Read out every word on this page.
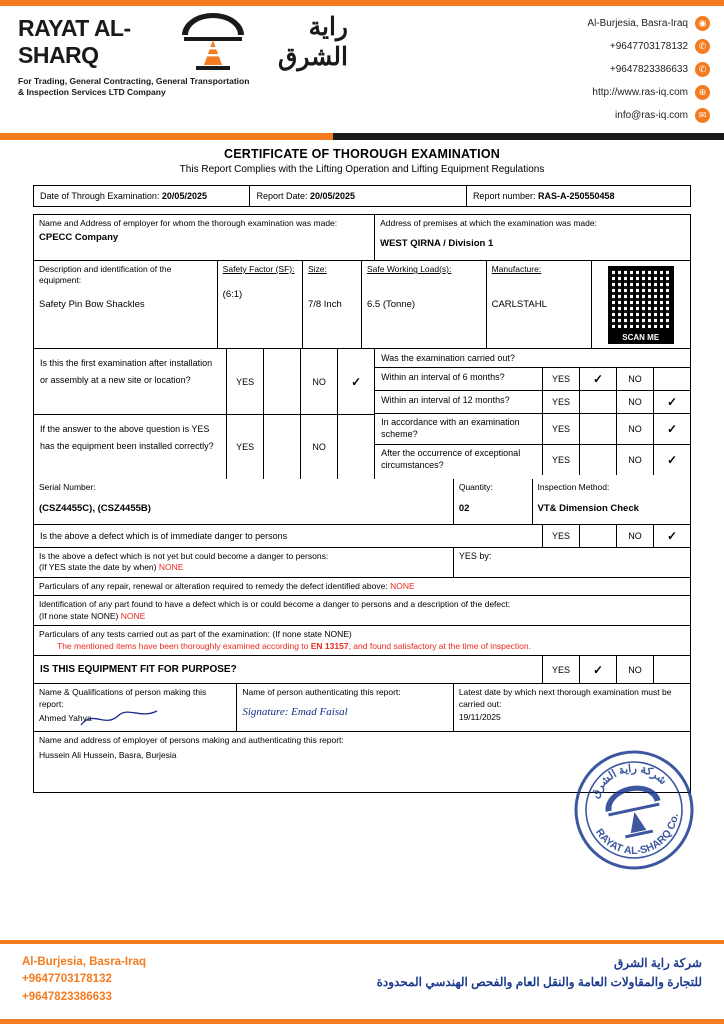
RAYAT AL-SHARQ
راية الشرق
For Trading, General Contracting, General Transportation
& Inspection Services LTD Company
Al-Burjesia, Basra-Iraq	◉
+9647703178132	✆
+9647823386633	✆
http://www.ras-iq.com	⊕
info@ras-iq.com	✉
CERTIFICATE OF THOROUGH EXAMINATION
This Report Complies with the Lifting Operation and Lifting Equipment Regulations
Date of Through Examination: 20/05/2025	Report Date: 20/05/2025	Report number: RAS-A-250550458
Name and Address of employer for whom the thorough examination was made:
CPECC Company
Address of premises at which the examination was made:
WEST QIRNA / Division 1
Description and identification of the equipment:
Safety Pin Bow Shackles
Safety Factor (SF):
(6:1)
Size:
7/8 Inch
Safe Working Load(s):
6.5 (Tonne)
Manufacture:
CARLSTAHL
SCAN ME
Is this the first examination after installation or assembly at a new site or location?	YES	NO ✓
If the answer to the above question is YES has the equipment been installed correctly?	YES	NO
Was the examination carried out?
Within an interval of 6 months?	YES ✓	NO
Within an interval of 12 months?	YES	NO ✓
In accordance with an examination scheme?	YES	NO ✓
After the occurrence of exceptional circumstances?	YES	NO ✓
Serial Number:
(CSZ4455C), (CSZ4455B)
Quantity:
02
Inspection Method:
VT& Dimension Check
Is the above a defect which is of immediate danger to persons	YES	NO ✓
Is the above a defect which is not yet but could become a danger to persons:
(If YES state the date by when) NONE
YES by:
Particulars of any repair, renewal or alteration required to remedy the defect identified above: NONE
Identification of any part found to have a defect which is or could become a danger to persons and a description of the defect:
(If none state NONE) NONE
Particulars of any tests carried out as part of the examination: (If none state NONE)
The mentioned items have been thoroughly examined according to EN 13157, and found satisfactory at the time of inspection.
IS THIS EQUIPMENT FIT FOR PURPOSE?	YES ✓	NO
Name & Qualifications of person making this report:
Ahmed Yahya
Name of person authenticating this report:
Signature: Emad Faisal
Latest date by which next thorough examination must be carried out:
19/11/2025
Name and address of employer of persons making and authenticating this report:
Hussein Ali Hussein, Basra, Burjesia
شركة راية الشرق
RAYAT AL-SHARQ Co.
Al-Burjesia, Basra-Iraq
+9647703178132
+9647823386633
شركة راية الشرق
للتجارة والمقاولات العامة والنقل العام والفحص الهندسي المحدودة
